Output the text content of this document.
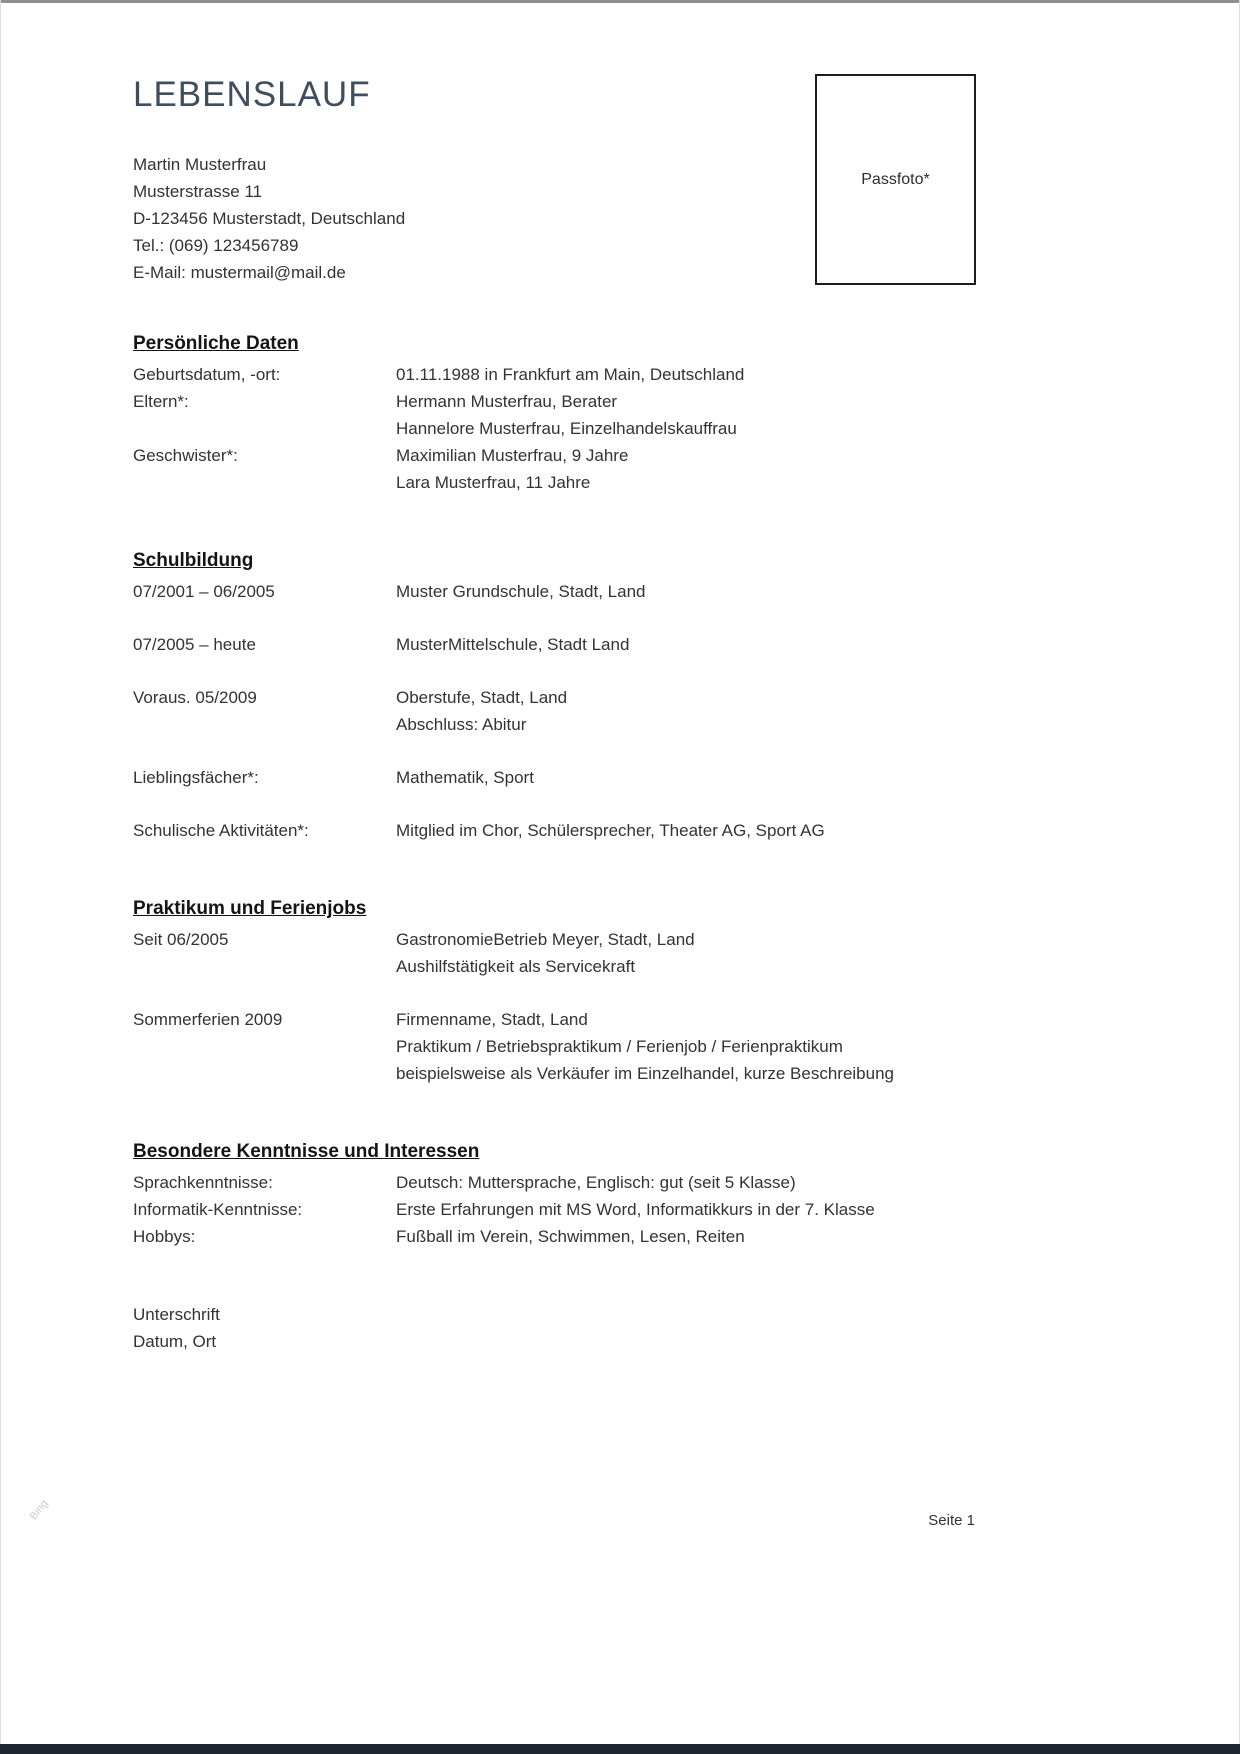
Passfoto*
LEBENSLAUF
Martin Musterfrau
Musterstrasse 11
D-123456 Musterstadt, Deutschland
Tel.: (069) 123456789
E-Mail: mustermail@mail.de
Persönliche Daten
Geburtsdatum, -ort:	01.11.1988 in Frankfurt am Main, Deutschland
Eltern*:	Hermann Musterfrau, Berater
Hannelore Musterfrau, Einzelhandelskauffrau
Geschwister*:	Maximilian Musterfrau, 9 Jahre
Lara Musterfrau, 11 Jahre
Schulbildung
07/2001 – 06/2005	Muster Grundschule, Stadt, Land
07/2005 – heute	MusterMittelschule, Stadt Land
Voraus. 05/2009	Oberstufe, Stadt, Land
Abschluss: Abitur
Lieblingsfächer*:	Mathematik, Sport
Schulische Aktivitäten*:	Mitglied im Chor, Schülersprecher, Theater AG, Sport AG
Praktikum und Ferienjobs
Seit 06/2005	GastronomieBetrieb Meyer, Stadt, Land
Aushilfstätigkeit als Servicekraft
Sommerferien 2009	Firmenname, Stadt, Land
Praktikum / Betriebspraktikum / Ferienjob / Ferienpraktikum
beispielsweise als Verkäufer im Einzelhandel, kurze Beschreibung
Besondere Kenntnisse und Interessen
Sprachkenntnisse:	Deutsch: Muttersprache, Englisch: gut (seit 5 Klasse)
Informatik-Kenntnisse:	Erste Erfahrungen mit MS Word, Informatikkurs in der 7. Klasse
Hobbys:	Fußball im Verein, Schwimmen, Lesen, Reiten
Unterschrift
Datum, Ort
Bing	Seite 1
